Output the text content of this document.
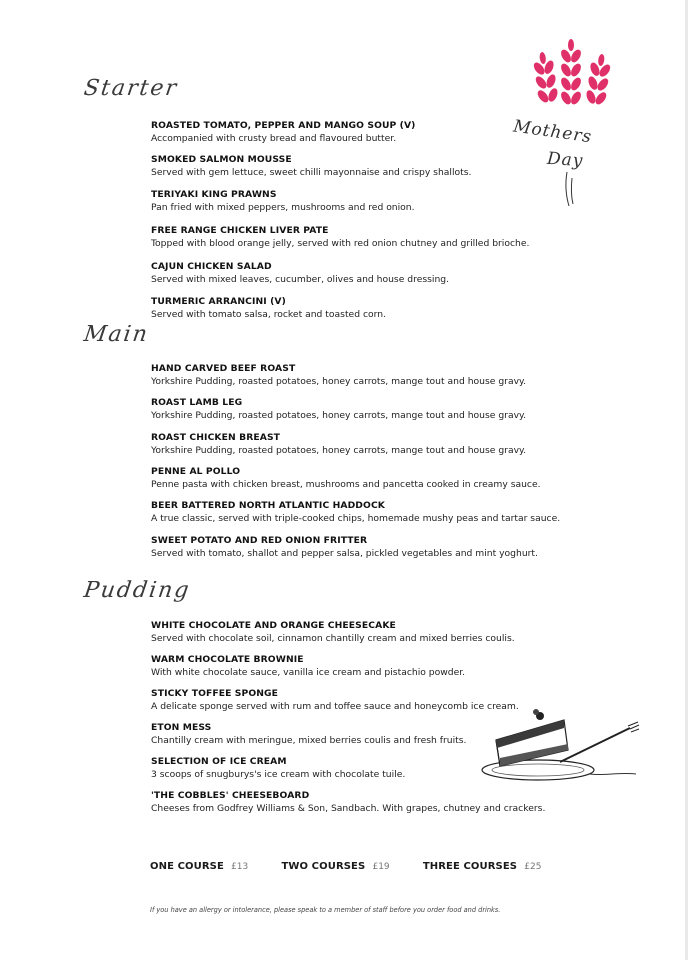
Starter
Main
Pudding
ROASTED TOMATO, PEPPER AND MANGO SOUP (V)
Accompanied with crusty bread and flavoured butter.
SMOKED SALMON MOUSSE
Served with gem lettuce, sweet chilli mayonnaise and crispy shallots.
TERIYAKI KING PRAWNS
Pan fried with mixed peppers, mushrooms and red onion.
FREE RANGE CHICKEN LIVER PATE
Topped with blood orange jelly, served with red onion chutney and grilled brioche.
CAJUN CHICKEN SALAD
Served with mixed leaves, cucumber, olives and house dressing.
TURMERIC ARRANCINI (V)
Served with tomato salsa, rocket and toasted corn.
HAND CARVED BEEF ROAST
Yorkshire Pudding, roasted potatoes, honey carrots, mange tout and house gravy.
ROAST LAMB LEG
Yorkshire Pudding, roasted potatoes, honey carrots, mange tout and house gravy.
ROAST CHICKEN BREAST
Yorkshire Pudding, roasted potatoes, honey carrots, mange tout and house gravy.
PENNE AL POLLO
Penne pasta with chicken breast, mushrooms and pancetta cooked in creamy sauce.
BEER BATTERED NORTH ATLANTIC HADDOCK
A true classic, served with triple-cooked chips, homemade mushy peas and tartar sauce.
SWEET POTATO AND RED ONION FRITTER
Served with tomato, shallot and pepper salsa, pickled vegetables and mint yoghurt.
WHITE CHOCOLATE AND ORANGE CHEESECAKE
Served with chocolate soil, cinnamon chantilly cream and mixed berries coulis.
WARM CHOCOLATE BROWNIE
With white chocolate sauce, vanilla ice cream and pistachio powder.
STICKY TOFFEE SPONGE
A delicate sponge served with rum and toffee sauce and honeycomb ice cream.
ETON MESS
Chantilly cream with meringue, mixed berries coulis and fresh fruits.
SELECTION OF ICE CREAM
3 scoops of snugburys's ice cream with chocolate tuile.
'THE COBBLES' CHEESEBOARD
Cheeses from Godfrey Williams & Son, Sandbach. With grapes, chutney and crackers.
Mothers
Day
ONE COURSE £13	TWO COURSES £19	THREE COURSES £25
If you have an allergy or intolerance, please speak to a member of staff before you order food and drinks.
